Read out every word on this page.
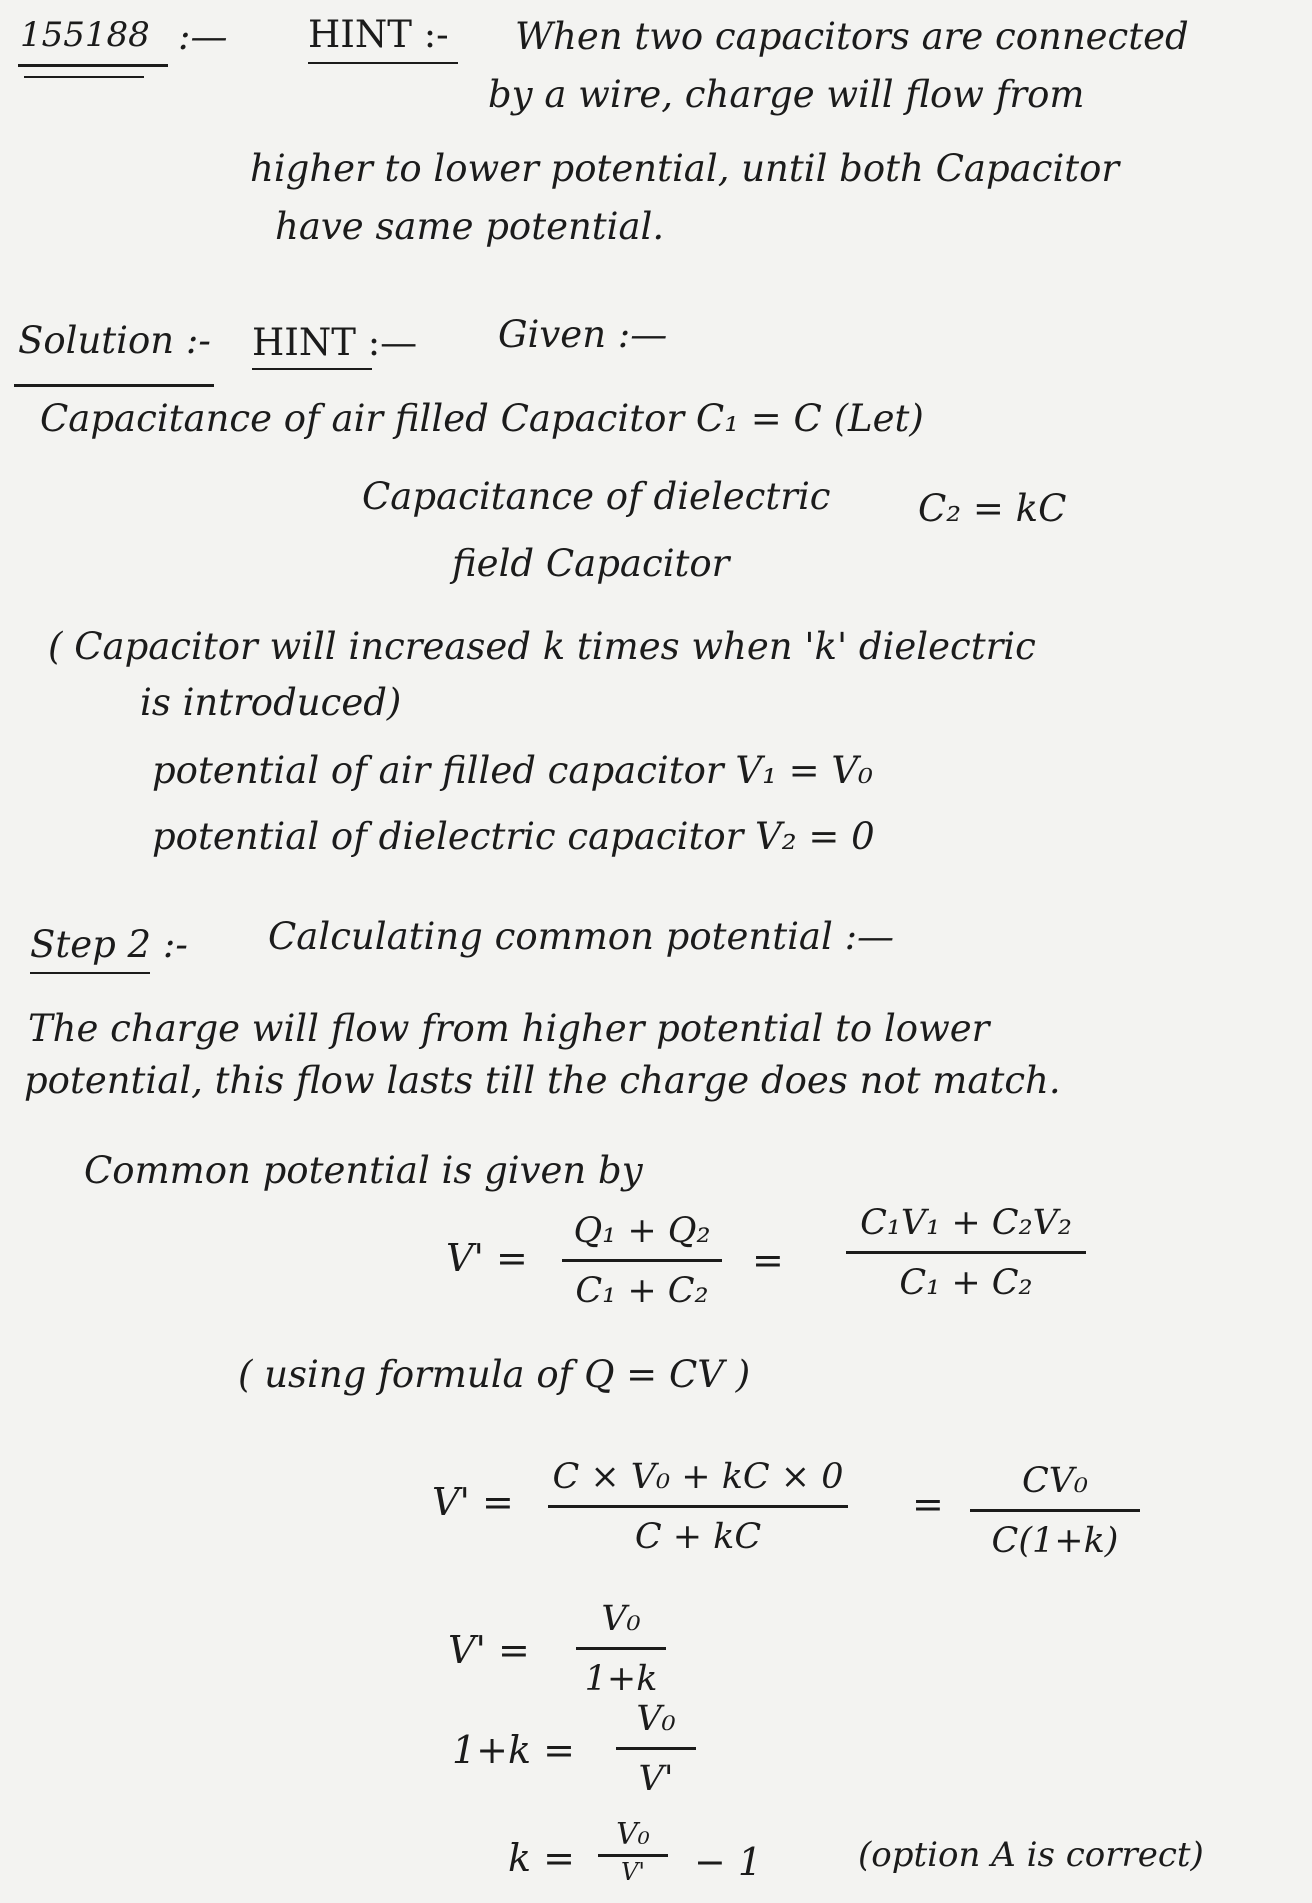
155188 :— HINT :- When two capacitors are connected
by a wire, charge will flow from
higher to lower potential, until both Capacitor
have same potential.
Solution :- HINT :— Given :—
Capacitance of air filled Capacitor C₁ = C (Let)
Capacitance of dielectric C₂ = kC
field Capacitor
( Capacitor will increased k times when 'k' dielectric
is introduced)
potential of air filled capacitor V₁ = V₀
potential of dielectric capacitor V₂ = 0
Step 2 :- Calculating common potential :—
The charge will flow from higher potential to lower
potential, this flow lasts till the charge does not match.
Common potential is given by
V' =
Q₁ + Q₂
C₁ + C₂
=
C₁V₁ + C₂V₂
C₁ + C₂
( using formula of Q = CV )
V' =
C × V₀ + kC × 0
C + kC
=
CV₀
C(1+k)
V' =
V₀
1+k
1+k =
V₀
V'
k =
V₀
V' − 1	(option A is correct)
